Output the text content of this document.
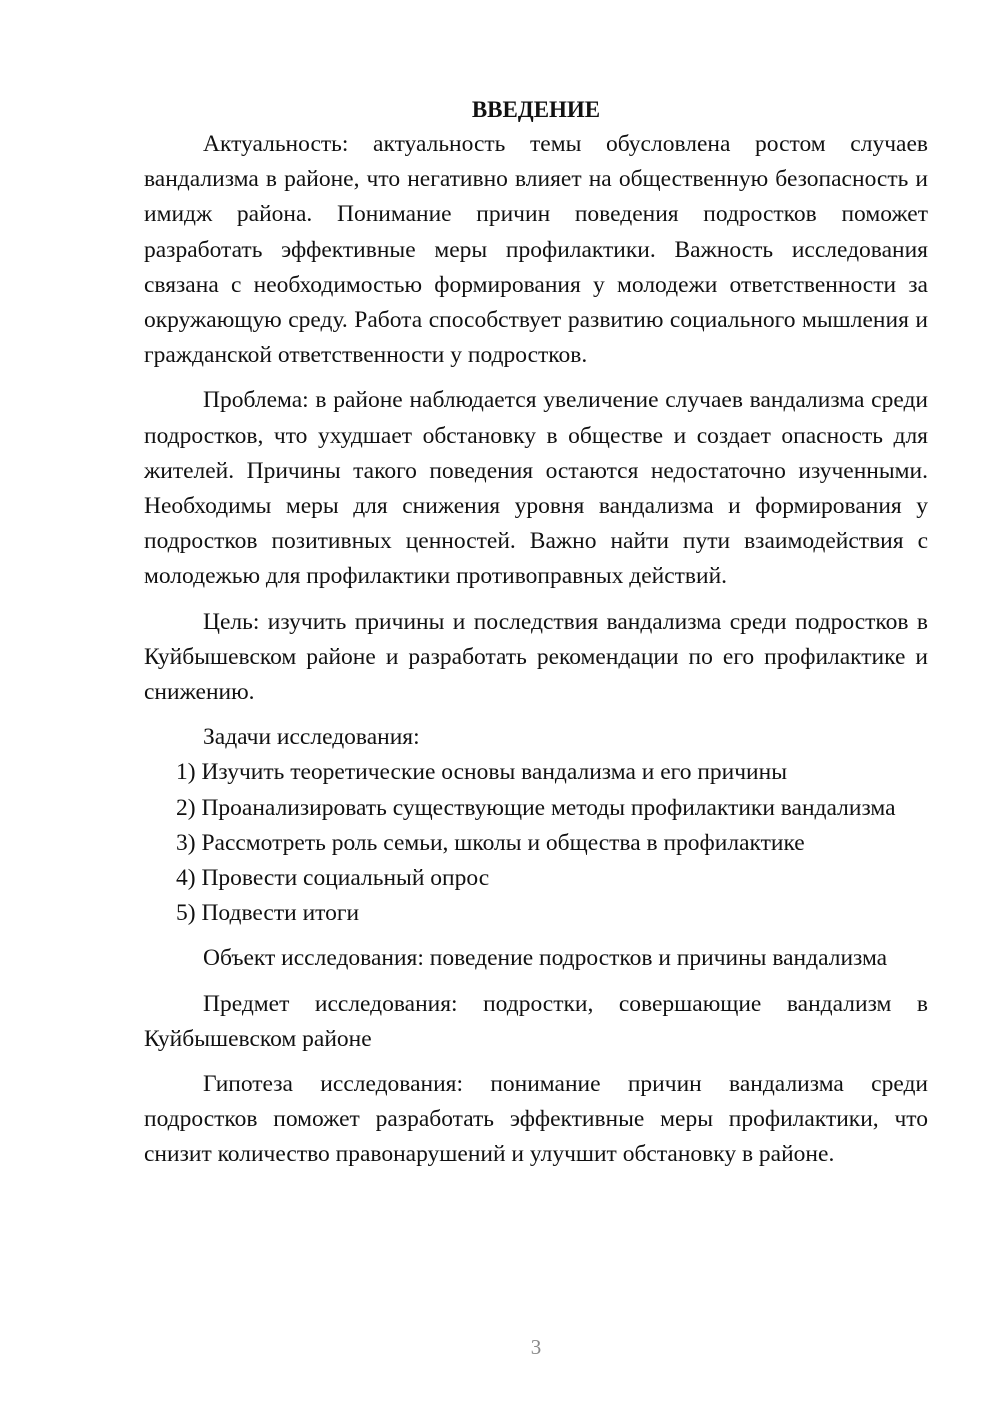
ВВЕДЕНИЕ

Актуальность: актуальность темы обусловлена ростом случаев вандализма в районе, что негативно влияет на общественную безопасность и имидж района. Понимание причин поведения подростков поможет разработать эффективные меры профилактики. Важность исследования связана с необходимостью формирования у молодежи ответственности за окружающую среду. Работа способствует развитию социального мышления и гражданской ответственности у подростков.

Проблема: в районе наблюдается увеличение случаев вандализма среди подростков, что ухудшает обстановку в обществе и создает опасность для жителей. Причины такого поведения остаются недостаточно изученными. Необходимы меры для снижения уровня вандализма и формирования у подростков позитивных ценностей. Важно найти пути взаимодействия с молодежью для профилактики противоправных действий.

Цель: изучить причины и последствия вандализма среди подростков в Куйбышевском районе и разработать рекомендации по его профилактике и снижению.

Задачи исследования:

1) Изучить теоретические основы вандализма и его причины

2) Проанализировать существующие методы профилактики вандализма

3) Рассмотреть роль семьи, школы и общества в профилактике

4) Провести социальный опрос

5) Подвести итоги

Объект исследования: поведение подростков и причины вандализма

Предмет исследования: подростки, совершающие вандализм в Куйбышевском районе

Гипотеза исследования: понимание причин вандализма среди подростков поможет разработать эффективные меры профилактики, что снизит количество правонарушений и улучшит обстановку в районе.

3
